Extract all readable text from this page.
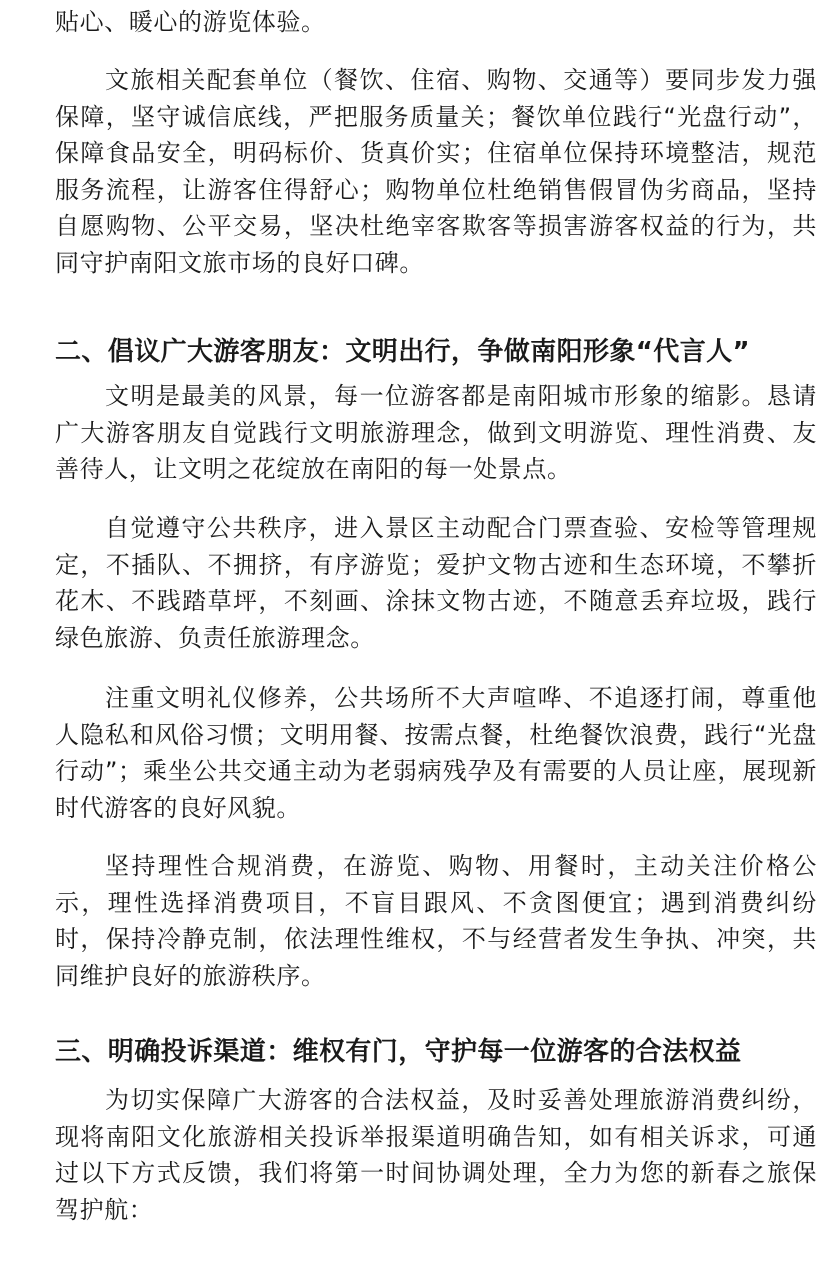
贴心、暖心的游览体验。

文旅相关配套单位（餐饮、住宿、购物、交通等）要同步发力强保障，坚守诚信底线，严把服务质量关；餐饮单位践行“光盘行动”，保障食品安全，明码标价、货真价实；住宿单位保持环境整洁，规范服务流程，让游客住得舒心；购物单位杜绝销售假冒伪劣商品，坚持自愿购物、公平交易，坚决杜绝宰客欺客等损害游客权益的行为，共同守护南阳文旅市场的良好口碑。

二、倡议广大游客朋友：文明出行，争做南阳形象“代言人”

文明是最美的风景，每一位游客都是南阳城市形象的缩影。恳请广大游客朋友自觉践行文明旅游理念，做到文明游览、理性消费、友善待人，让文明之花绽放在南阳的每一处景点。

自觉遵守公共秩序，进入景区主动配合门票查验、安检等管理规定，不插队、不拥挤，有序游览；爱护文物古迹和生态环境，不攀折花木、不践踏草坪，不刻画、涂抹文物古迹，不随意丢弃垃圾，践行绿色旅游、负责任旅游理念。

注重文明礼仪修养，公共场所不大声喧哗、不追逐打闹，尊重他人隐私和风俗习惯；文明用餐、按需点餐，杜绝餐饮浪费，践行“光盘行动”；乘坐公共交通主动为老弱病残孕及有需要的人员让座，展现新时代游客的良好风貌。

坚持理性合规消费，在游览、购物、用餐时，主动关注价格公示，理性选择消费项目，不盲目跟风、不贪图便宜；遇到消费纠纷时，保持冷静克制，依法理性维权，不与经营者发生争执、冲突，共同维护良好的旅游秩序。

三、明确投诉渠道：维权有门，守护每一位游客的合法权益

为切实保障广大游客的合法权益，及时妥善处理旅游消费纠纷，现将南阳文化旅游相关投诉举报渠道明确告知，如有相关诉求，可通过以下方式反馈，我们将第一时间协调处理，全力为您的新春之旅保驾护航：
